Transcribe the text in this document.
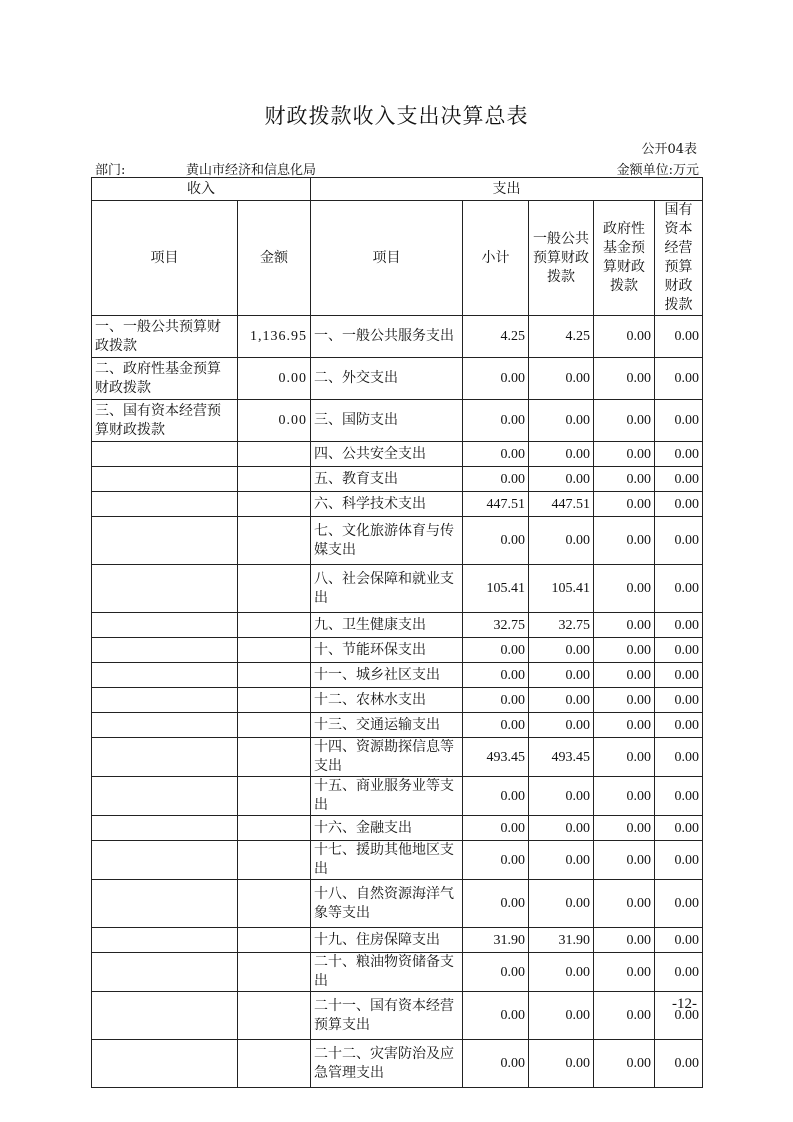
财政拨款收入支出决算总表
公开04表
部门:	黄山市经济和信息化局	金额单位:万元
收入		支出				
项目	金额	项目	小计	一般公共预算财政拨款	政府性基金预算财政拨款	国有资本经营预算财政拨款
一、一般公共预算财政拨款	1,136.95	一、一般公共服务支出	4.25	4.25	0.00	0.00
二、政府性基金预算财政拨款	0.00	二、外交支出	0.00	0.00	0.00	0.00
三、国有资本经营预算财政拨款	0.00	三、国防支出	0.00	0.00	0.00	0.00
		四、公共安全支出	0.00	0.00	0.00	0.00
		五、教育支出	0.00	0.00	0.00	0.00
		六、科学技术支出	447.51	447.51	0.00	0.00
		七、文化旅游体育与传媒支出	0.00	0.00	0.00	0.00
		八、社会保障和就业支出	105.41	105.41	0.00	0.00
		九、卫生健康支出	32.75	32.75	0.00	0.00
		十、节能环保支出	0.00	0.00	0.00	0.00
		十一、城乡社区支出	0.00	0.00	0.00	0.00
		十二、农林水支出	0.00	0.00	0.00	0.00
		十三、交通运输支出	0.00	0.00	0.00	0.00
		十四、资源勘探信息等支出	493.45	493.45	0.00	0.00
		十五、商业服务业等支出	0.00	0.00	0.00	0.00
		十六、金融支出	0.00	0.00	0.00	0.00
		十七、援助其他地区支出	0.00	0.00	0.00	0.00
		十八、自然资源海洋气象等支出	0.00	0.00	0.00	0.00
		十九、住房保障支出	31.90	31.90	0.00	0.00
		二十、粮油物资储备支出	0.00	0.00	0.00	0.00
		二十一、国有资本经营预算支出	0.00	0.00	0.00	0.00
		二十二、灾害防治及应急管理支出	0.00	0.00	0.00	0.00
-12-
